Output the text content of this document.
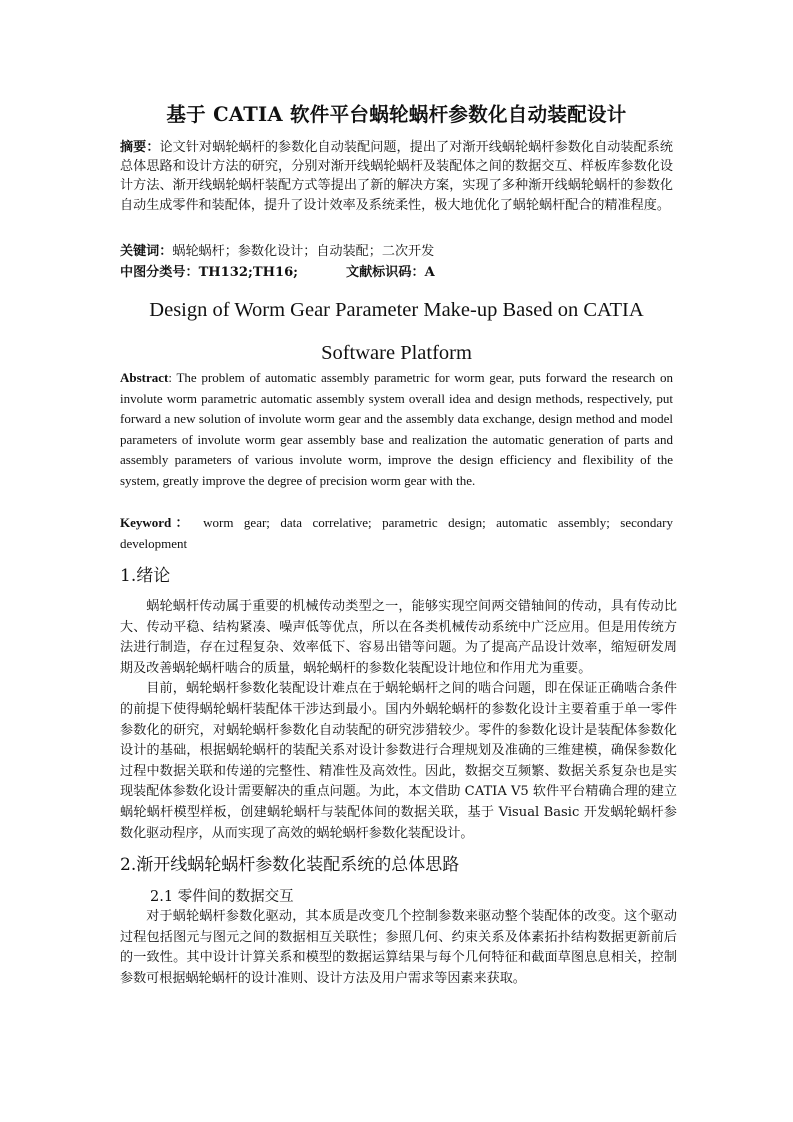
基于 CATIA 软件平台蜗轮蜗杆参数化自动装配设计
摘要：论文针对蜗轮蜗杆的参数化自动装配问题，提出了对渐开线蜗轮蜗杆参数化自动装配系统总体思路和设计方法的研究，分别对渐开线蜗轮蜗杆及装配体之间的数据交互、样板库参数化设计方法、渐开线蜗轮蜗杆装配方式等提出了新的解决方案，实现了多种渐开线蜗轮蜗杆的参数化自动生成零件和装配体，提升了设计效率及系统柔性，极大地优化了蜗轮蜗杆配合的精准程度。
关键词：蜗轮蜗杆；参数化设计；自动装配；二次开发
中图分类号：TH132;TH16;	文献标识码：A
Design of Worm Gear Parameter Make-up Based on CATIA
Software Platform
Abstract: The problem of automatic assembly parametric for worm gear, puts forward the research on involute worm parametric automatic assembly system overall idea and design methods, respectively, put forward a new solution of involute worm gear and the assembly data exchange, design method and model parameters of involute worm gear assembly base and realization the automatic generation of parts and assembly parameters of various involute worm, improve the design efficiency and flexibility of the system, greatly improve the degree of precision worm gear with the.
Keyword： worm gear; data correlative; parametric design; automatic assembly; secondary development
1.绪论

蜗轮蜗杆传动属于重要的机械传动类型之一，能够实现空间两交错轴间的传动，具有传动比大、传动平稳、结构紧凑、噪声低等优点，所以在各类机械传动系统中广泛应用。但是用传统方法进行制造，存在过程复杂、效率低下、容易出错等问题。为了提高产品设计效率，缩短研发周期及改善蜗轮蜗杆啮合的质量，蜗轮蜗杆的参数化装配设计地位和作用尤为重要。

目前，蜗轮蜗杆参数化装配设计难点在于蜗轮蜗杆之间的啮合问题，即在保证正确啮合条件的前提下使得蜗轮蜗杆装配体干涉达到最小。国内外蜗轮蜗杆的参数化设计主要着重于单一零件参数化的研究，对蜗轮蜗杆参数化自动装配的研究涉猎较少。零件的参数化设计是装配体参数化设计的基础，根据蜗轮蜗杆的装配关系对设计参数进行合理规划及准确的三维建模，确保参数化过程中数据关联和传递的完整性、精准性及高效性。因此，数据交互频繁、数据关系复杂也是实现装配体参数化设计需要解决的重点问题。为此，本文借助 CATIA V5 软件平台精确合理的建立蜗轮蜗杆模型样板，创建蜗轮蜗杆与装配体间的数据关联，基于 Visual Basic 开发蜗轮蜗杆参数化驱动程序，从而实现了高效的蜗轮蜗杆参数化装配设计。

2.渐开线蜗轮蜗杆参数化装配系统的总体思路
2.1 零件间的数据交互

对于蜗轮蜗杆参数化驱动，其本质是改变几个控制参数来驱动整个装配体的改变。这个驱动过程包括图元与图元之间的数据相互关联性；参照几何、约束关系及体素拓扑结构数据更新前后的一致性。其中设计计算关系和模型的数据运算结果与每个几何特征和截面草图息息相关，控制参数可根据蜗轮蜗杆的设计准则、设计方法及用户需求等因素来获取。
